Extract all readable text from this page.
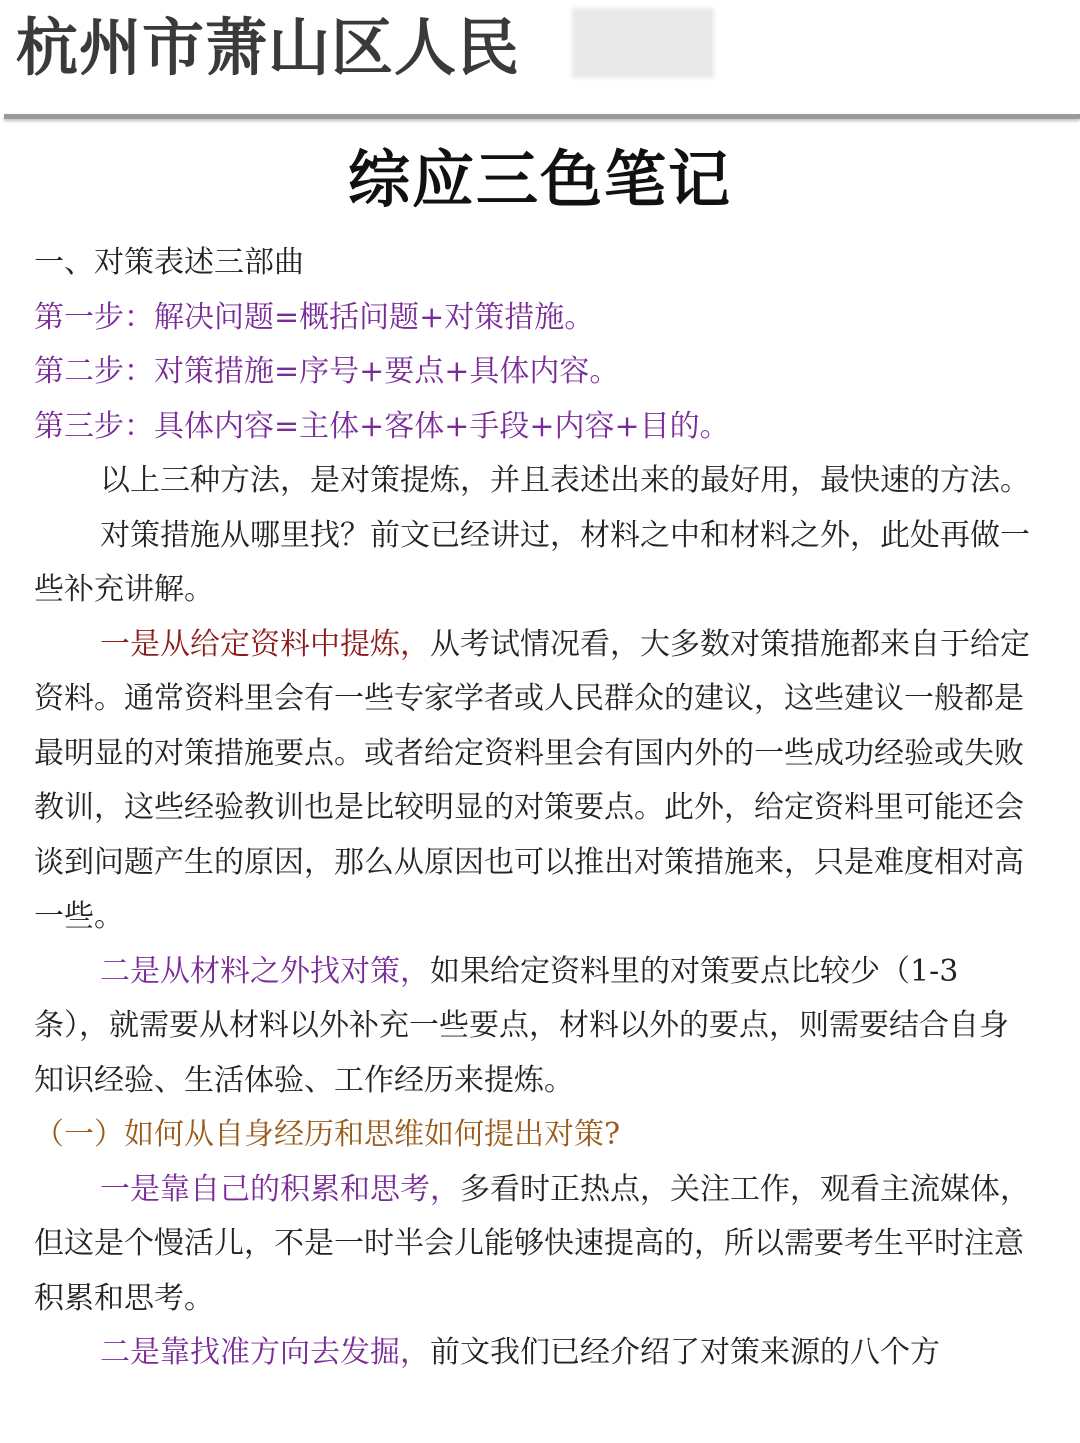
杭州市萧山区人民
综应三色笔记

一、对策表述三部曲

第一步：解决问题=概括问题+对策措施。

第二步：对策措施=序号+要点+具体内容。

第三步：具体内容=主体+客体+手段+内容+目的。

以上三种方法，是对策提炼，并且表述出来的最好用，最快速的方法。

对策措施从哪里找？前文已经讲过，材料之中和材料之外，此处再做一些补充讲解。

一是从给定资料中提炼，从考试情况看，大多数对策措施都来自于给定资料。通常资料里会有一些专家学者或人民群众的建议，这些建议一般都是最明显的对策措施要点。或者给定资料里会有国内外的一些成功经验或失败教训，这些经验教训也是比较明显的对策要点。此外，给定资料里可能还会谈到问题产生的原因，那么从原因也可以推出对策措施来，只是难度相对高一些。

二是从材料之外找对策，如果给定资料里的对策要点比较少（1-3条），就需要从材料以外补充一些要点，材料以外的要点，则需要结合自身知识经验、生活体验、工作经历来提炼。

（一）如何从自身经历和思维如何提出对策?

一是靠自己的积累和思考，多看时正热点，关注工作，观看主流媒体，但这是个慢活儿，不是一时半会儿能够快速提高的，所以需要考生平时注意积累和思考。

二是靠找准方向去发掘，前文我们已经介绍了对策来源的八个方
